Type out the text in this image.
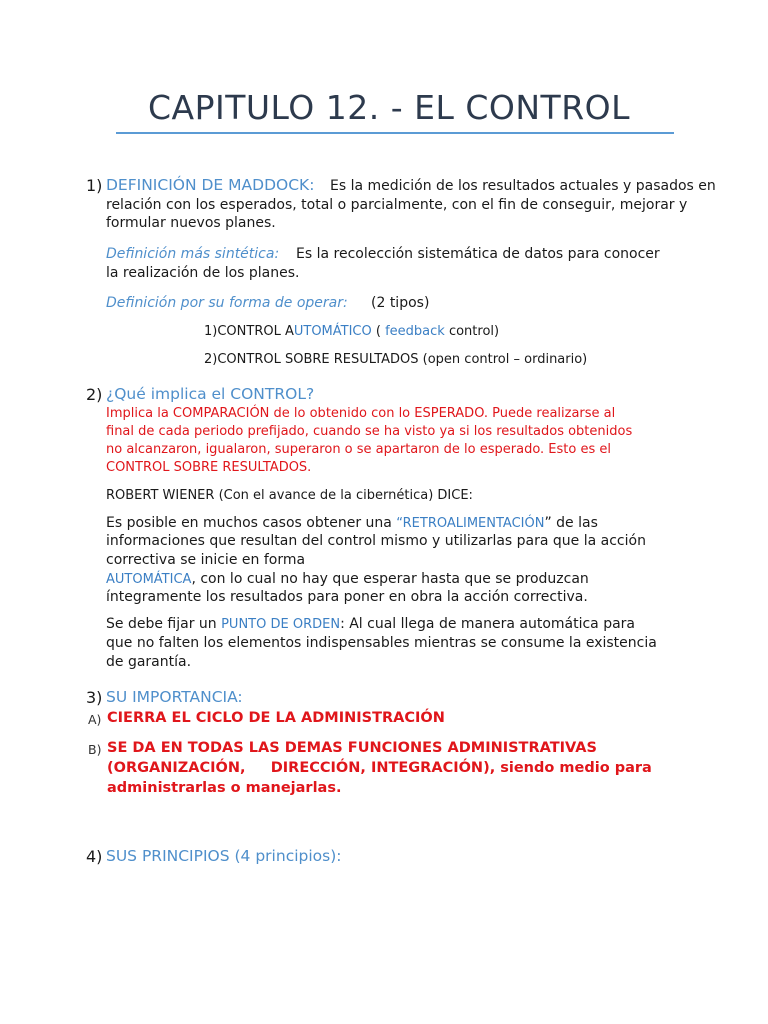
CAPITULO 12. - EL CONTROL
1) DEFINICIÓN DE MADDOCK: Es la medición de los resultados actuales y pasados en
relación con los esperados, total o parcialmente, con el fin de conseguir, mejorar y
formular nuevos planes.
Definición más sintética: Es la recolección sistemática de datos para conocer
la realización de los planes.
Definición por su forma de operar: (2 tipos)
1)CONTROL AUTOMÁTICO ( feedback control)
2)CONTROL SOBRE RESULTADOS (open control – ordinario)
2) ¿Qué implica el CONTROL?
Implica la COMPARACIÓN de lo obtenido con lo ESPERADO. Puede realizarse al
final de cada periodo prefijado, cuando se ha visto ya si los resultados obtenidos
no alcanzaron, igualaron, superaron o se apartaron de lo esperado. Esto es el
CONTROL SOBRE RESULTADOS.
ROBERT WIENER (Con el avance de la cibernética) DICE:
Es posible en muchos casos obtener una “RETROALIMENTACIÓN” de las
informaciones que resultan del control mismo y utilizarlas para que la acción
correctiva se inicie en forma
AUTOMÁTICA, con lo cual no hay que esperar hasta que se produzcan
íntegramente los resultados para poner en obra la acción correctiva.
Se debe fijar un PUNTO DE ORDEN: Al cual llega de manera automática para
que no falten los elementos indispensables mientras se consume la existencia
de garantía.
3) SU IMPORTANCIA:
A) CIERRA EL CICLO DE LA ADMINISTRACIÓN
B) SE DA EN TODAS LAS DEMAS FUNCIONES ADMINISTRATIVAS
(ORGANIZACIÓN,     DIRECCIÓN, INTEGRACIÓN), siendo medio para
administrarlas o manejarlas.
4) SUS PRINCIPIOS (4 principios):
